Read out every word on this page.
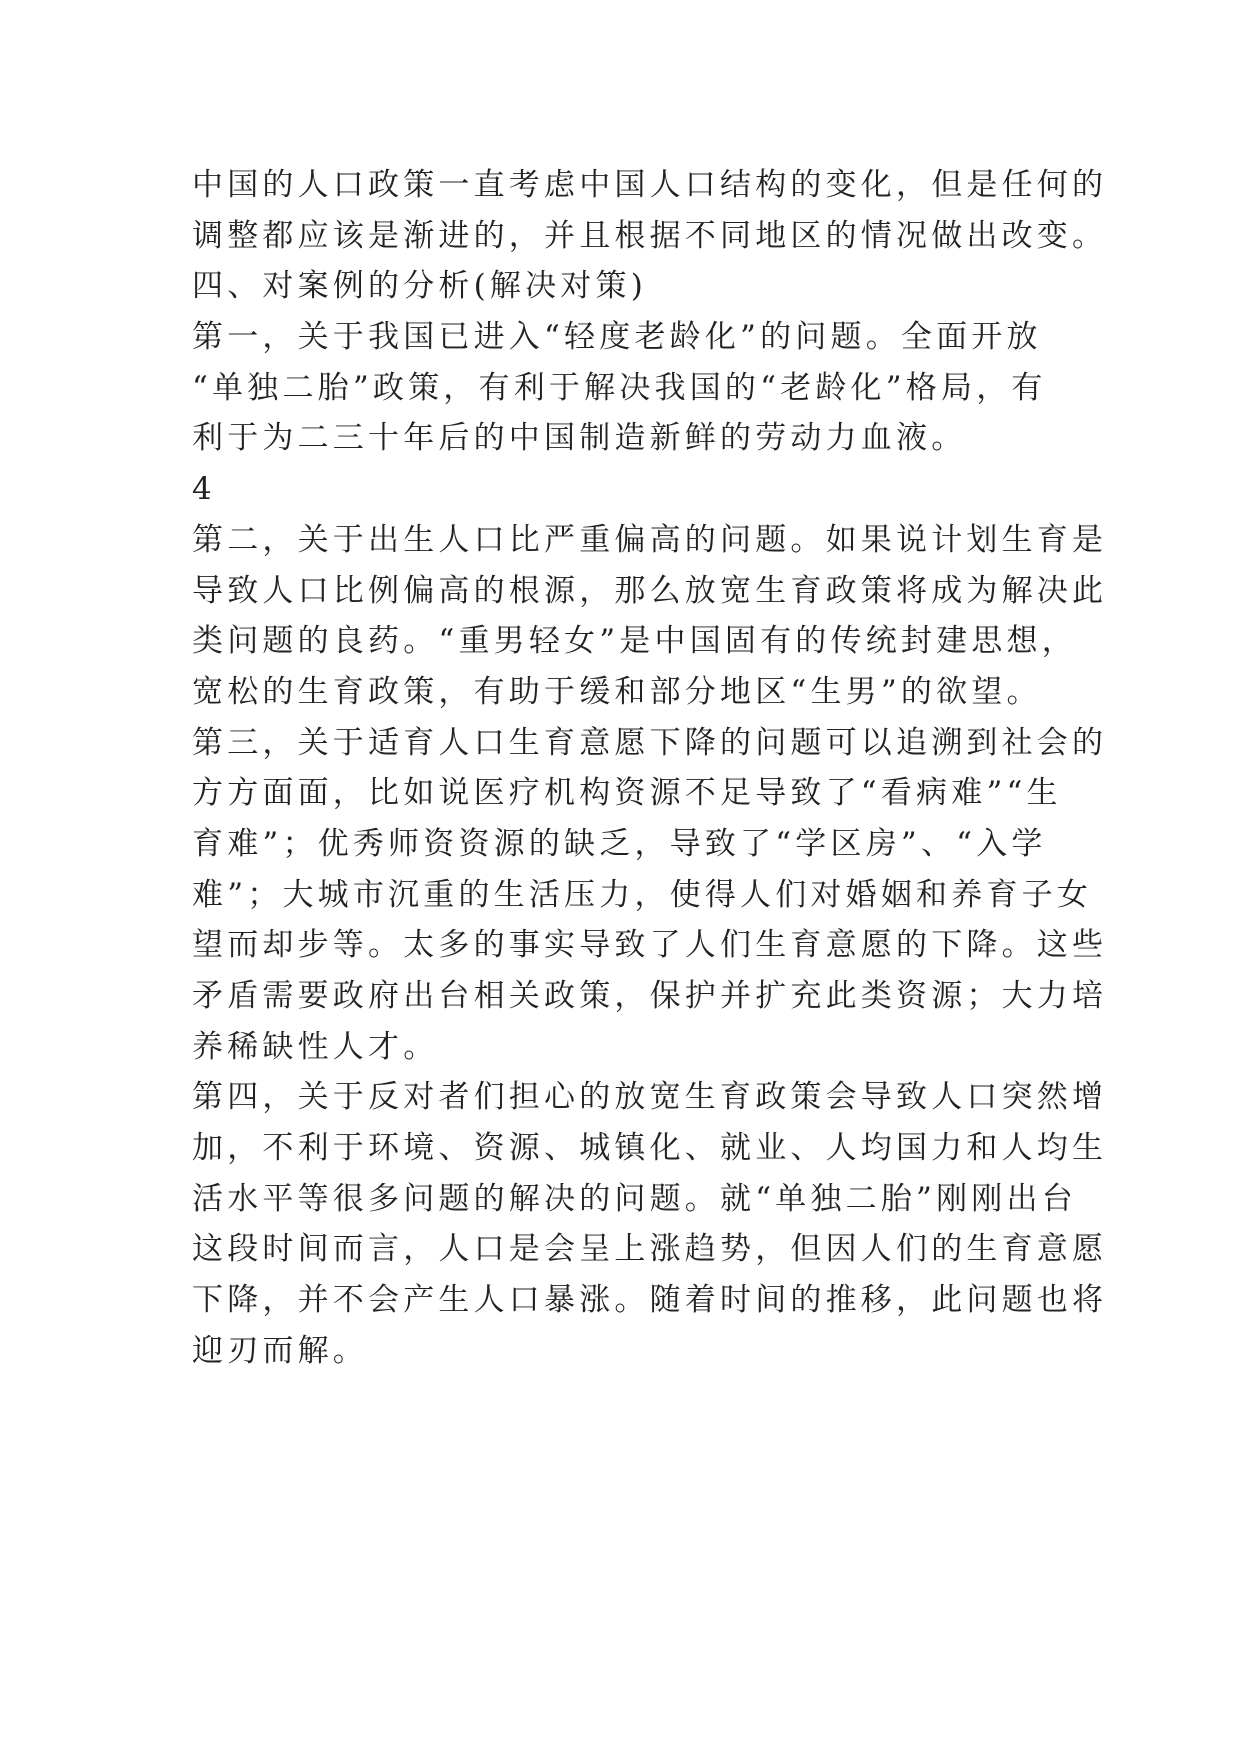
中国的人口政策一直考虑中国人口结构的变化，但是任何的
调整都应该是渐进的，并且根据不同地区的情况做出改变。
四、对案例的分析(解决对策)
第一，关于我国已进入“轻度老龄化”的问题。全面开放
“单独二胎”政策，有利于解决我国的“老龄化”格局，有
利于为二三十年后的中国制造新鲜的劳动力血液。
4
第二，关于出生人口比严重偏高的问题。如果说计划生育是
导致人口比例偏高的根源，那么放宽生育政策将成为解决此
类问题的良药。“重男轻女”是中国固有的传统封建思想，
宽松的生育政策，有助于缓和部分地区“生男”的欲望。
第三，关于适育人口生育意愿下降的问题可以追溯到社会的
方方面面，比如说医疗机构资源不足导致了“看病难”“生
育难”；优秀师资资源的缺乏，导致了“学区房”、“入学
难”；大城市沉重的生活压力，使得人们对婚姻和养育子女
望而却步等。太多的事实导致了人们生育意愿的下降。这些
矛盾需要政府出台相关政策，保护并扩充此类资源；大力培
养稀缺性人才。
第四，关于反对者们担心的放宽生育政策会导致人口突然增
加，不利于环境、资源、城镇化、就业、人均国力和人均生
活水平等很多问题的解决的问题。就“单独二胎”刚刚出台
这段时间而言，人口是会呈上涨趋势，但因人们的生育意愿
下降，并不会产生人口暴涨。随着时间的推移，此问题也将
迎刃而解。
